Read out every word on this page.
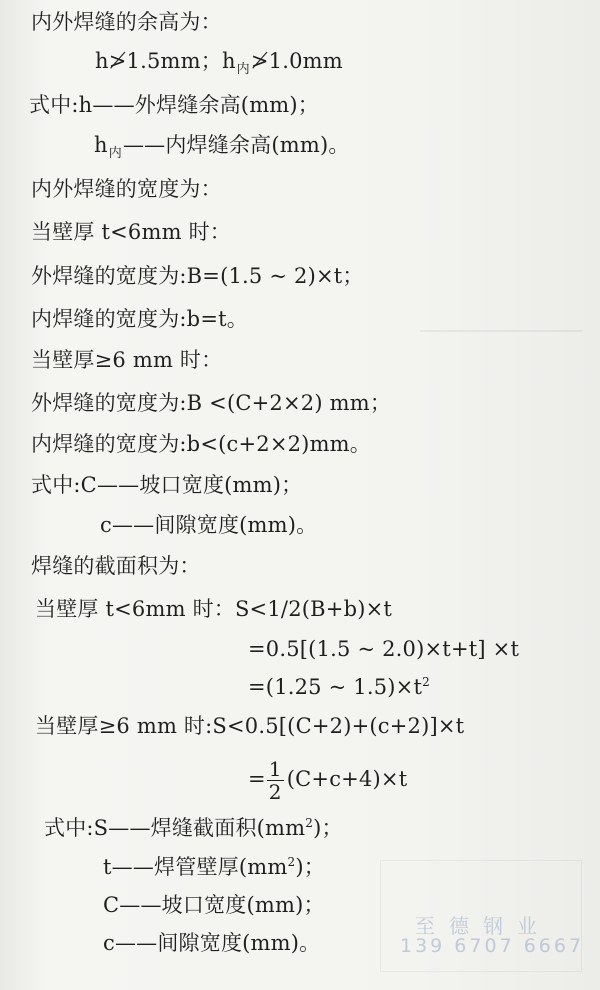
内外焊缝的余高为：
h≯1.5mm；$h_内≯1.0mm$
式中:h——外焊缝余高(mm)；
$h_内——$内焊缝余高(mm)。
内外焊缝的宽度为：
当壁厚 t<6mm 时：
外焊缝的宽度为:B=(1.5 ~ 2)×t；
内焊缝的宽度为:b=t。
当壁厚≥6 mm 时：
外焊缝的宽度为:B <(C+2×2) mm；
内焊缝的宽度为:b<(c+2×2)mm。
式中:C——坡口宽度(mm)；
c——间隙宽度(mm)。
焊缝的截面积为：
当壁厚 t<6mm 时：S<1/2(B+b)×t
=0.5[(1.5 ~ 2.0)×t+t] ×t
=(1.25 ~ $1.5)\times t^2$
当壁厚≥6 mm 时:S<0.5[(C+2)+(c+2)]×t
= $\frac{1}{2} (C+c+4)\times t$
式中:S——焊缝截面积$(mm^2)$；
t——焊管壁厚$(mm^2)$；
C——坡口宽度(mm)；
c——间隙宽度(mm)。
至德钢业
139 6707 6667
